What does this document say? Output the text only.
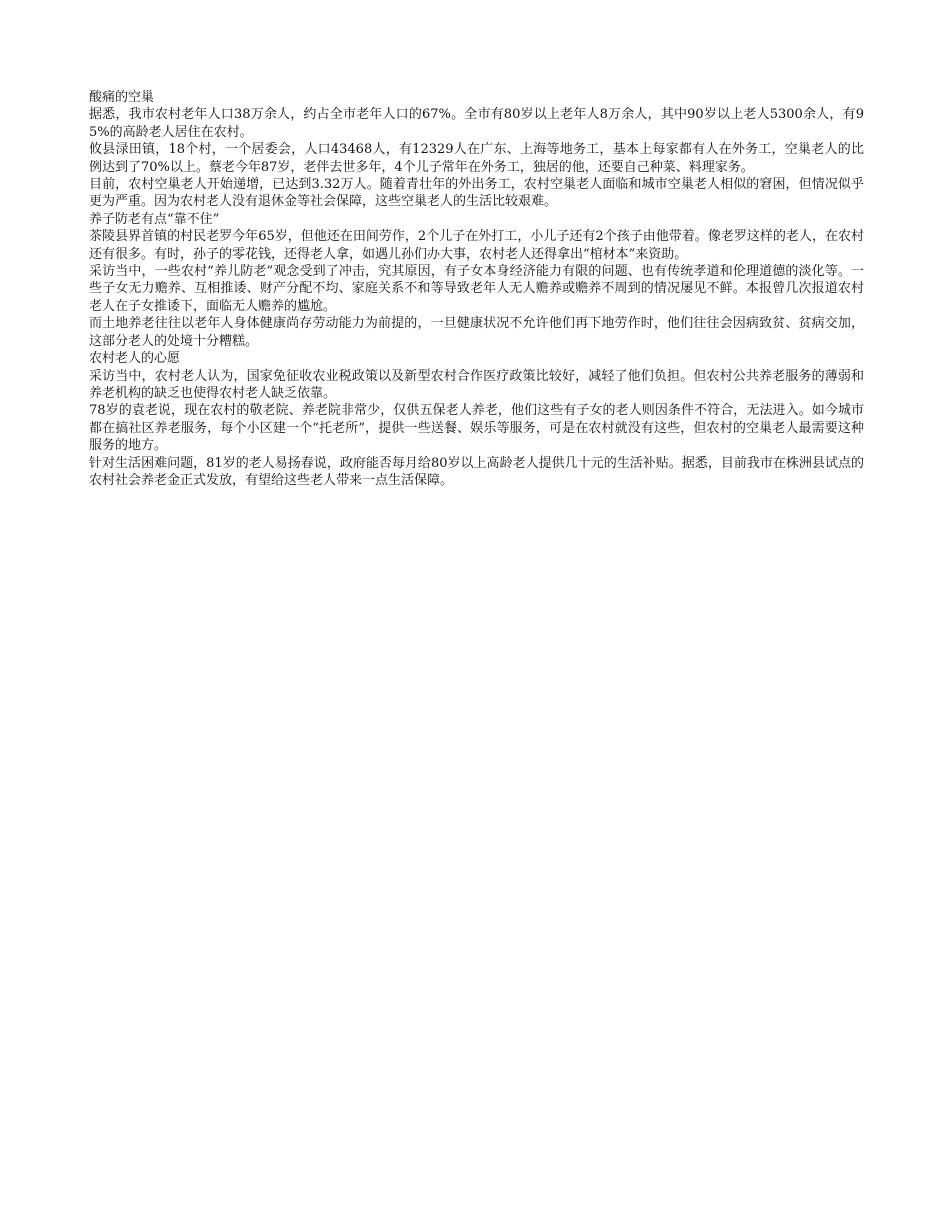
酸痛的空巢

据悉，我市农村老年人口38万余人，约占全市老年人口的67%。全市有80岁以上老年人8万余人，其中90岁以上老人5300余人，有95%的高龄老人居住在农村。

攸县渌田镇，18个村，一个居委会，人口43468人，有12329人在广东、上海等地务工，基本上每家都有人在外务工，空巢老人的比例达到了70%以上。蔡老今年87岁，老伴去世多年，4个儿子常年在外务工，独居的他，还要自己种菜、料理家务。

目前，农村空巢老人开始递增，已达到3.32万人。随着青壮年的外出务工，农村空巢老人面临和城市空巢老人相似的窘困，但情况似乎更为严重。因为农村老人没有退休金等社会保障，这些空巢老人的生活比较艰难。

养子防老有点“靠不住”

茶陵县界首镇的村民老罗今年65岁，但他还在田间劳作，2个儿子在外打工，小儿子还有2个孩子由他带着。像老罗这样的老人，在农村还有很多。有时，孙子的零花钱，还得老人拿，如遇儿孙们办大事，农村老人还得拿出“棺材本”来资助。

采访当中，一些农村“养儿防老”观念受到了冲击，究其原因，有子女本身经济能力有限的问题、也有传统孝道和伦理道德的淡化等。一些子女无力赡养、互相推诿、财产分配不均、家庭关系不和等导致老年人无人赡养或赡养不周到的情况屡见不鲜。本报曾几次报道农村老人在子女推诿下，面临无人赡养的尴尬。

而土地养老往往以老年人身体健康尚存劳动能力为前提的，一旦健康状况不允许他们再下地劳作时，他们往往会因病致贫、贫病交加，这部分老人的处境十分糟糕。

农村老人的心愿

采访当中，农村老人认为，国家免征收农业税政策以及新型农村合作医疗政策比较好，减轻了他们负担。但农村公共养老服务的薄弱和养老机构的缺乏也使得农村老人缺乏依靠。

78岁的袁老说，现在农村的敬老院、养老院非常少，仅供五保老人养老，他们这些有子女的老人则因条件不符合，无法进入。如今城市都在搞社区养老服务，每个小区建一个“托老所”，提供一些送餐、娱乐等服务，可是在农村就没有这些，但农村的空巢老人最需要这种服务的地方。

针对生活困难问题，81岁的老人易扬春说，政府能否每月给80岁以上高龄老人提供几十元的生活补贴。据悉，目前我市在株洲县试点的农村社会养老金正式发放，有望给这些老人带来一点生活保障。
